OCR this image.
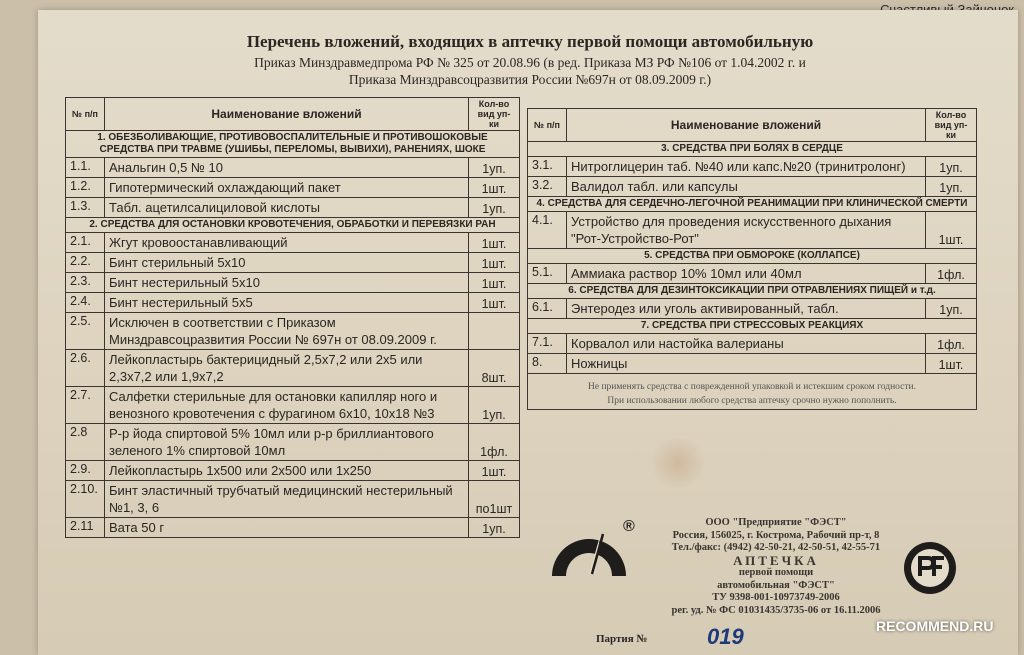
Перечень вложений, входящих в аптечку первой помощи автомобильную
Приказ Минздравмедпрома РФ № 325 от 20.08.96 (в ред. Приказа МЗ РФ №106 от 1.04.2002 г. и
Приказа Минздравсоцразвития России №697н от 08.09.2009 г.)
№ п/п	Наименование вложений	Кол-во вид уп-ки
1. ОБЕЗБОЛИВАЮЩИЕ, ПРОТИВОВОСПАЛИТЕЛЬНЫЕ И ПРОТИВОШОКОВЫЕ СРЕДСТВА ПРИ ТРАВМЕ (УШИБЫ, ПЕРЕЛОМЫ, ВЫВИХИ), РАНЕНИЯХ, ШОКЕ		
1.1.	Анальгин 0,5 № 10	1уп.
1.2.	Гипотермический охлаждающий пакет	1шт.
1.3.	Табл. ацетилсалициловой кислоты	1уп.
2. СРЕДСТВА ДЛЯ ОСТАНОВКИ КРОВОТЕЧЕНИЯ, ОБРАБОТКИ И ПЕРЕВЯЗКИ РАН		
2.1.	Жгут кровоостанавливающий	1шт.
2.2.	Бинт стерильный 5x10	1шт.
2.3.	Бинт нестерильный 5x10	1шт.
2.4.	Бинт нестерильный 5x5	1шт.
2.5.	Исключен в соответствии с Приказом Минздравсоцразвития России № 697н от 08.09.2009 г.	
2.6.	Лейкопластырь бактерицидный 2,5x7,2 или 2x5 или 2,3x7,2 или 1,9x7,2	8шт.
2.7.	Салфетки стерильные для остановки капилляр ного и венозного кровотечения с фурагином 6x10, 10x18 №3	1уп.
2.8	Р-р йода спиртовой 5% 10мл или р-р бриллиантового зеленого 1% спиртовой 10мл	1фл.
2.9.	Лейкопластырь 1x500 или 2x500 или 1x250	1шт.
2.10.	Бинт эластичный трубчатый медицинский нестерильный №1, 3, 6	по1шт
2.11	Вата 50 г	1уп.
№ п/п	Наименование вложений	Кол-во вид уп-ки
3. СРЕДСТВА ПРИ БОЛЯХ В СЕРДЦЕ		
3.1.	Нитроглицерин таб. №40 или капс.№20 (тринитролонг)	1уп.
3.2.	Валидол табл. или капсулы	1уп.
4. СРЕДСТВА ДЛЯ СЕРДЕЧНО-ЛЕГОЧНОЙ РЕАНИМАЦИИ ПРИ КЛИНИЧЕСКОЙ СМЕРТИ		
4.1.	Устройство для проведения искусственного дыхания "Рот-Устройство-Рот"	1шт.
5. СРЕДСТВА ПРИ ОБМОРОКЕ (КОЛЛАПСЕ)		
5.1.	Аммиака раствор 10% 10мл или 40мл	1фл.
6. СРЕДСТВА ДЛЯ ДЕЗИНТОКСИКАЦИИ ПРИ ОТРАВЛЕНИЯХ ПИЩЕЙ и т.д.		
6.1.	Энтеродез или уголь активированный, табл.	1уп.
7. СРЕДСТВА ПРИ СТРЕССОВЫХ РЕАКЦИЯХ		
7.1.	Корвалол или настойка валерианы	1фл.
8.	Ножницы	1шт.

Не применять средства с поврежденной упаковкой и истекшим сроком годности.
При использовании любого средства аптечку срочно нужно пополнить.		
®	ООО "Предприятие "ФЭСТ"
Россия, 156025, г. Кострома, Рабочий пр-т, 8
Тел./факс: (4942) 42-50-21, 42-50-51, 42-55-71
АПТЕЧКА
первой помощи
автомобильная "ФЭСТ"
ТУ 9398-001-10973749-2006
рег. уд. № ФС 01031435/3735-06 от 16.11.2006
Партия №	019	RECOMMEND.RU
